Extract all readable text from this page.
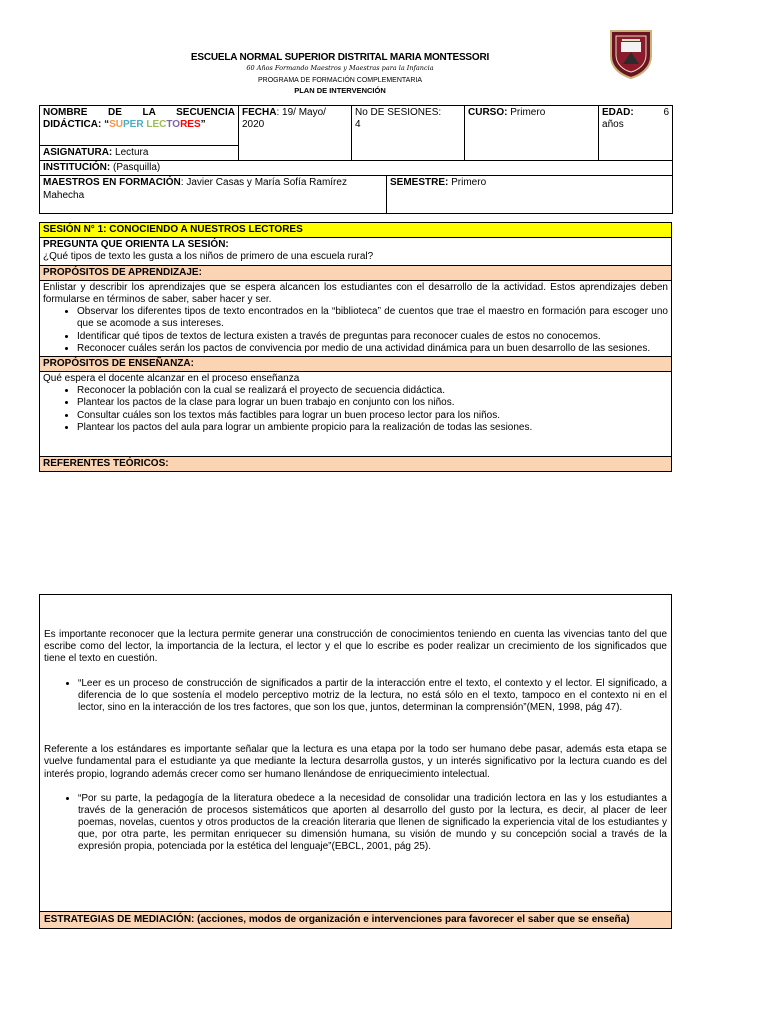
ESCUELA NORMAL SUPERIOR DISTRITAL MARIA MONTESSORI
60 Años Formando Maestros y Maestras para la Infancia
PROGRAMA DE FORMACIÓN COMPLEMENTARIA
PLAN DE INTERVENCIÓN
NOMBRE DE LA SECUENCIA DIDÁCTICA: “SUPER LECTORES”	FECHA: 19/ Mayo/ 2020	No DE SESIONES:
4		CURSO: Primero	EDAD: 6
años
ASIGNATURA: Lectura					
INSTITUCIÓN: (Pasquilla)					
MAESTROS EN FORMACIÓN: Javier Casas y María Sofía Ramírez Mahecha			SEMESTRE: Primero		
SESIÓN N° 1: CONOCIENDO A NUESTROS LECTORES
PREGUNTA QUE ORIENTA LA SESIÓN:
¿Qué tipos de texto les gusta a los niños de primero de una escuela rural?
PROPÓSITOS DE APRENDIZAJE:

Enlistar y describir los aprendizajes que se espera alcancen los estudiantes con el desarrollo de la actividad. Estos aprendizajes deben formularse en términos de saber, saber hacer y ser.

• Observar los diferentes tipos de texto encontrados en la “biblioteca” de cuentos que trae el maestro en formación para escoger uno que se acomode a sus intereses.
• Identificar qué tipos de textos de lectura existen a través de preguntas para reconocer cuales de estos no conocemos.
• Reconocer cuáles serán los pactos de convivencia por medio de una actividad dinámica para un buen desarrollo de las sesiones.

PROPÓSITOS DE ENSEÑANZA:

Qué espera el docente alcanzar en el proceso enseñanza

• Reconocer la población con la cual se realizará el proyecto de secuencia didáctica.
• Plantear los pactos de la clase para lograr un buen trabajo en conjunto con los niños.
• Consultar cuáles son los textos más factibles para lograr un buen proceso lector para los niños.
• Plantear los pactos del aula para lograr un ambiente propicio para la realización de todas las sesiones.

REFERENTES TEÓRICOS:

Es importante reconocer que la lectura permite generar una construcción de conocimientos teniendo en cuenta las vivencias tanto del que escribe como del lector, la importancia de la lectura, el lector y el que lo escribe es poder realizar un crecimiento de los significados que tiene el texto en cuestión.

• “Leer es un proceso de construcción de significados a partir de la interacción entre el texto, el contexto y el lector. El significado, a diferencia de lo que sostenía el modelo perceptivo motriz de la lectura, no está sólo en el texto, tampoco en el contexto ni en el lector, sino en la interacción de los tres factores, que son los que, juntos, determinan la comprensión”(MEN, 1998, pág 47).

Referente a los estándares es importante señalar que la lectura es una etapa por la todo ser humano debe pasar, además esta etapa se vuelve fundamental para el estudiante ya que mediante la lectura desarrolla gustos, y un interés significativo por la lectura cuando es del interés propio, logrando además crecer como ser humano llenándose de enriquecimiento intelectual.

• “Por su parte, la pedagogía de la literatura obedece a la necesidad de consolidar una tradición lectora en las y los estudiantes a través de la generación de procesos sistemáticos que aporten al desarrollo del gusto por la lectura, es decir, al placer de leer poemas, novelas, cuentos y otros productos de la creación literaria que llenen de significado la experiencia vital de los estudiantes y que, por otra parte, les permitan enriquecer su dimensión humana, su visión de mundo y su concepción social a través de la expresión propia, potenciada por la estética del lenguaje”(EBCL, 2001, pág 25).

ESTRATEGIAS DE MEDIACIÓN: (acciones, modos de organización e intervenciones para favorecer el saber que se enseña)
